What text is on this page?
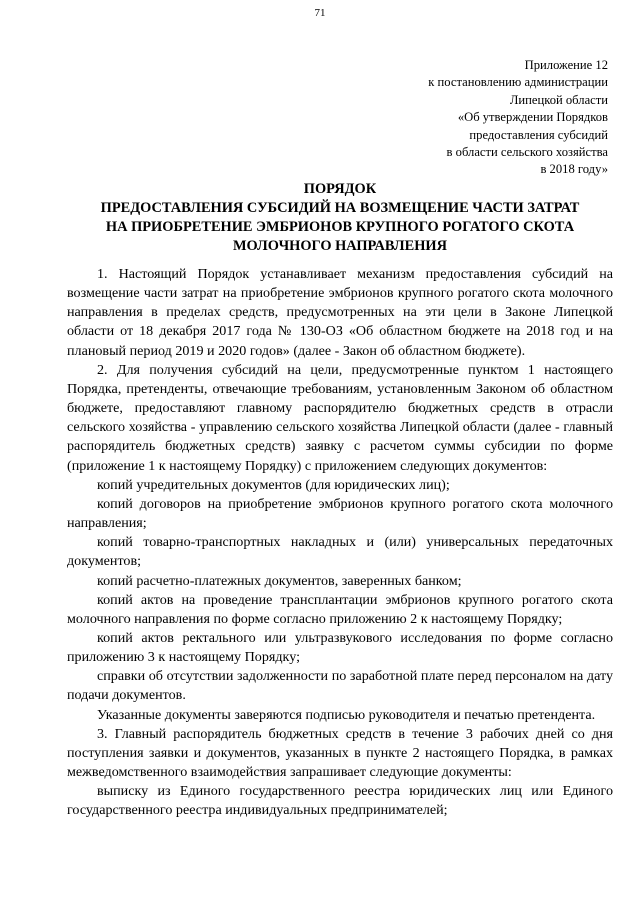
71
Приложение 12
к постановлению администрации
Липецкой области
«Об утверждении Порядков
предоставления субсидий
в области сельского хозяйства
в 2018 году»
ПОРЯДОК
ПРЕДОСТАВЛЕНИЯ СУБСИДИЙ НА ВОЗМЕЩЕНИЕ ЧАСТИ ЗАТРАТ
НА ПРИОБРЕТЕНИЕ ЭМБРИОНОВ КРУПНОГО РОГАТОГО СКОТА
МОЛОЧНОГО НАПРАВЛЕНИЯ

1. Настоящий Порядок устанавливает механизм предоставления субсидий на возмещение части затрат на приобретение эмбрионов крупного рогатого скота молочного направления в пределах средств, предусмотренных на эти цели в Законе Липецкой области от 18 декабря 2017 года № 130-ОЗ «Об областном бюджете на 2018 год и на плановый период 2019 и 2020 годов» (далее - Закон об областном бюджете).

2. Для получения субсидий на цели, предусмотренные пунктом 1 настоящего Порядка, претенденты, отвечающие требованиям, установленным Законом об областном бюджете, предоставляют главному распорядителю бюджетных средств в отрасли сельского хозяйства - управлению сельского хозяйства Липецкой области (далее - главный распорядитель бюджетных средств) заявку с расчетом суммы субсидии по форме (приложение 1 к настоящему Порядку) с приложением следующих документов:

копий учредительных документов (для юридических лиц);

копий договоров на приобретение эмбрионов крупного рогатого скота молочного направления;

копий товарно-транспортных накладных и (или) универсальных передаточных документов;

копий расчетно-платежных документов, заверенных банком;

копий актов на проведение трансплантации эмбрионов крупного рогатого скота молочного направления по форме согласно приложению 2 к настоящему Порядку;

копий актов ректального или ультразвукового исследования по форме согласно приложению 3 к настоящему Порядку;

справки об отсутствии задолженности по заработной плате перед персоналом на дату подачи документов.

Указанные документы заверяются подписью руководителя и печатью претендента.

3. Главный распорядитель бюджетных средств в течение 3 рабочих дней со дня поступления заявки и документов, указанных в пункте 2 настоящего Порядка, в рамках межведомственного взаимодействия запрашивает следующие документы:

выписку из Единого государственного реестра юридических лиц или Единого государственного реестра индивидуальных предпринимателей;
